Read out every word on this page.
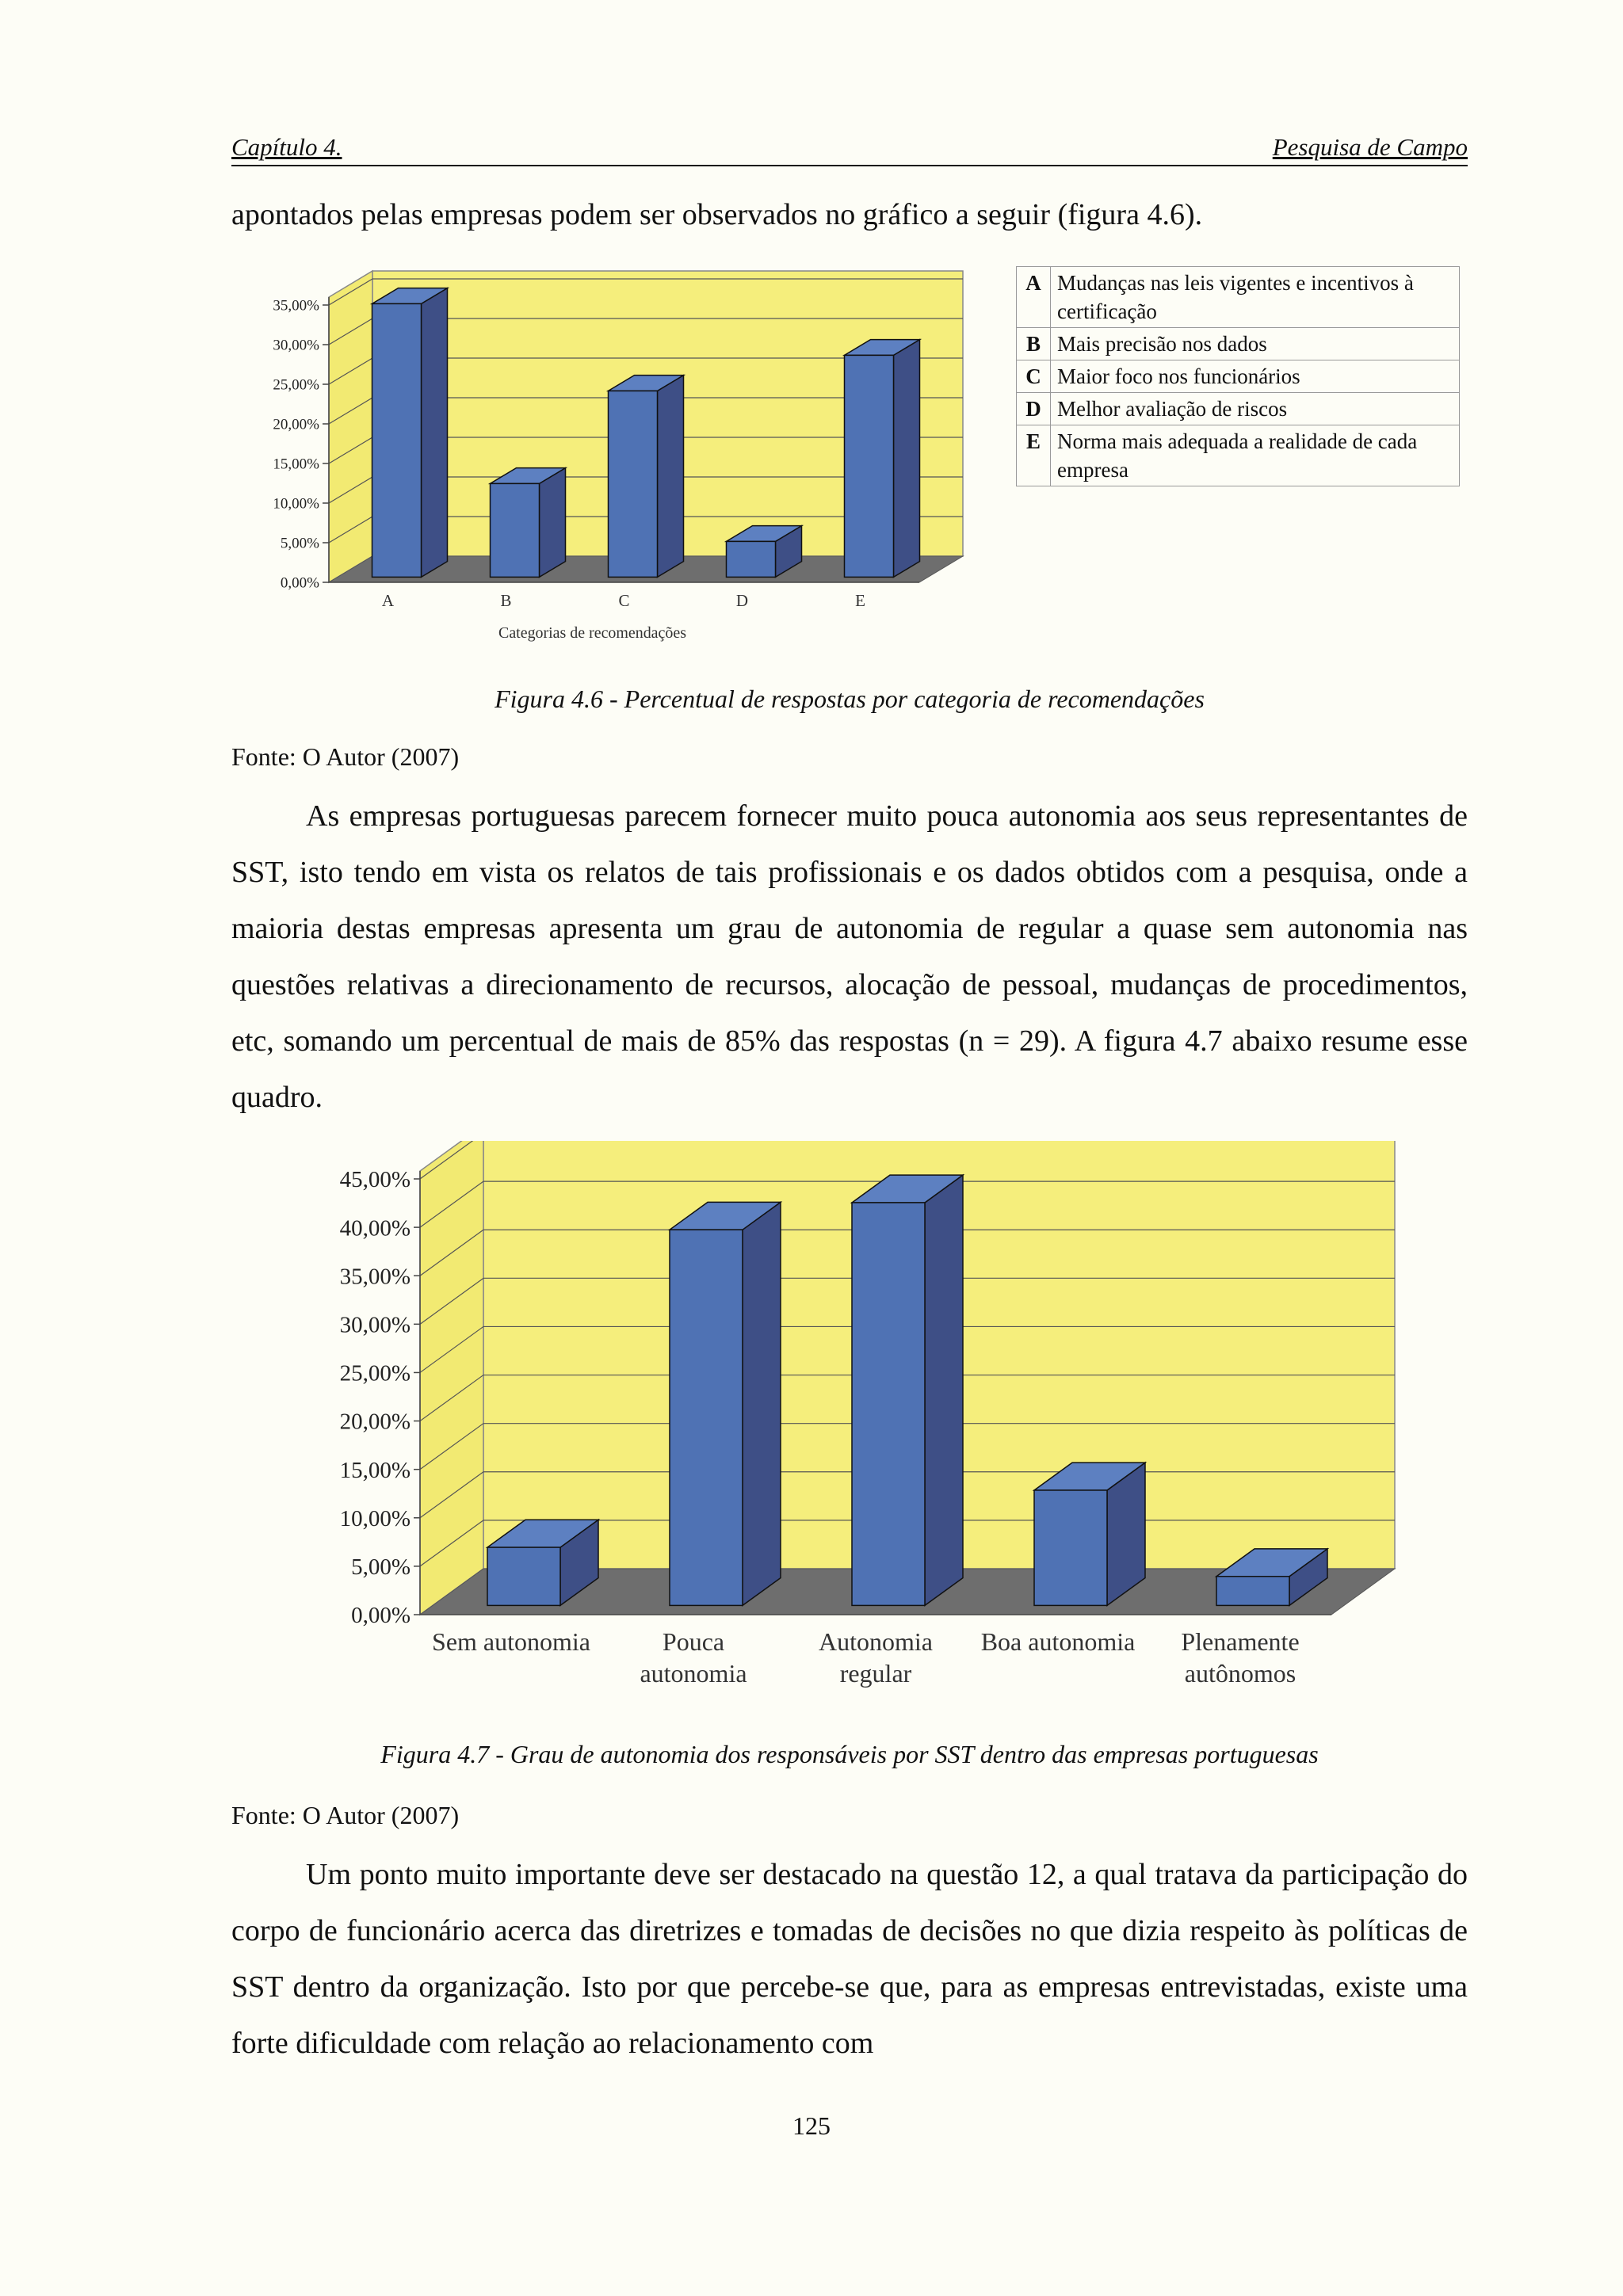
Capítulo 4.	Pesquisa de Campo
apontados pelas empresas podem ser observados no gráfico a seguir (figura 4.6).
0,00%
5,00%
10,00%
15,00%
20,00%
25,00%
30,00%
35,00%
A	B	C	D	E
Categorias de recomendações
A	Mudanças nas leis vigentes e incentivos à certificação
B	Mais precisão nos dados
C	Maior foco nos funcionários
D	Melhor avaliação de riscos
E	Norma mais adequada a realidade de cada empresa
Figura 4.6 - Percentual de respostas por categoria de recomendações
Fonte: O Autor (2007)

As empresas portuguesas parecem fornecer muito pouca autonomia aos seus representantes de SST, isto tendo em vista os relatos de tais profissionais e os dados obtidos com a pesquisa, onde a maioria destas empresas apresenta um grau de autonomia de regular a quase sem autonomia nas questões relativas a direcionamento de recursos, alocação de pessoal, mudanças de procedimentos, etc, somando um percentual de mais de 85% das respostas (n = 29). A figura 4.7 abaixo resume esse quadro.

0,00%
5,00%
10,00%
15,00%
20,00%
25,00%
30,00%
35,00%
40,00%
45,00%
Sem autonomia	Pouca
autonomia
Autonomia
regular
Boa autonomia Plenamente
autônomos
Figura 4.7 - Grau de autonomia dos responsáveis por SST dentro das empresas portuguesas
Fonte: O Autor (2007)

Um ponto muito importante deve ser destacado na questão 12, a qual tratava da participação do corpo de funcionário acerca das diretrizes e tomadas de decisões no que dizia respeito às políticas de SST dentro da organização. Isto por que percebe-se que, para as empresas entrevistadas, existe uma forte dificuldade com relação ao relacionamento com

125
